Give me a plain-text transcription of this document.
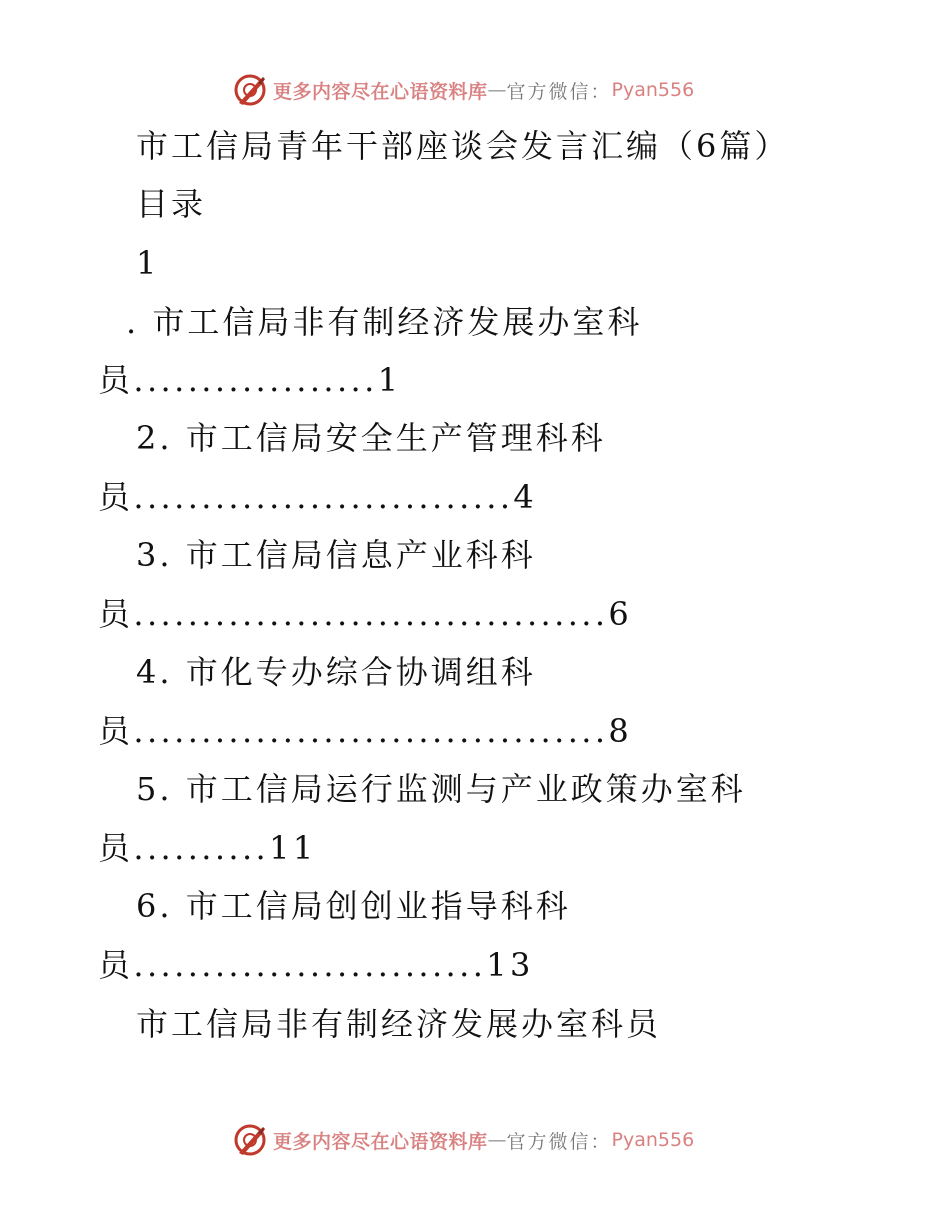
更多内容尽在心语资料库 — 官方微信： Pyan556
市工信局青年干部座谈会发言汇编（6篇）
目录
1
. 市工信局非有制经济发展办室科
员..................1
2. 市工信局安全生产管理科科
员............................4
3. 市工信局信息产业科科
员...................................6
4. 市化专办综合协调组科
员...................................8
5. 市工信局运行监测与产业政策办室科
员..........11
6. 市工信局创创业指导科科
员..........................13
市工信局非有制经济发展办室科员
更多内容尽在心语资料库 — 官方微信： Pyan556
